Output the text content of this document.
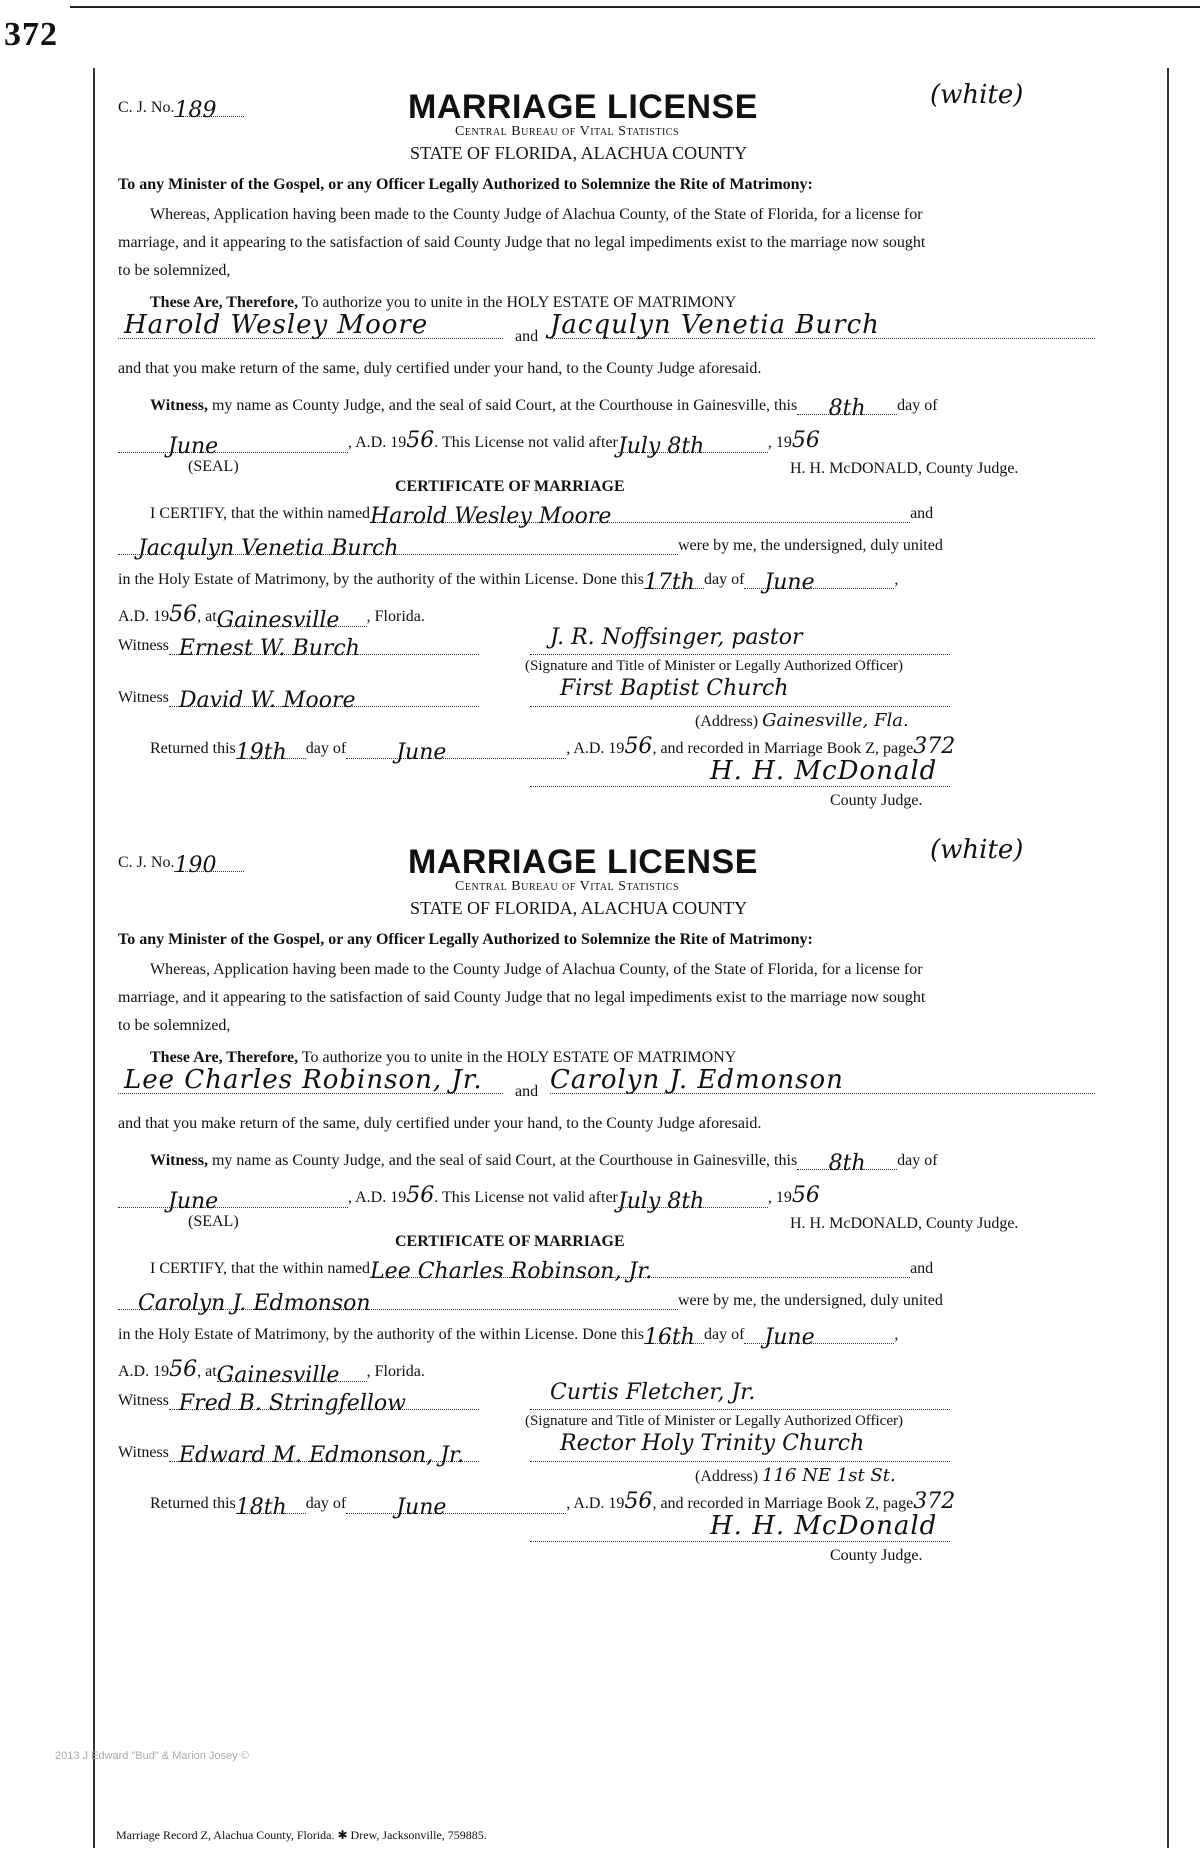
372
(white)
C. J. No.189	MARRIAGE LICENSE
Central Bureau of Vital Statistics
STATE OF FLORIDA, ALACHUA COUNTY
To any Minister of the Gospel, or any Officer Legally Authorized to Solemnize the Rite of Matrimony:
Whereas, Application having been made to the County Judge of Alachua County, of the State of Florida, for a license for
marriage, and it appearing to the satisfaction of said County Judge that no legal impediments exist to the marriage now sought
to be solemnized,
These Are, Therefore, To authorize you to unite in the HOLY ESTATE OF MATRIMONY
Harold Wesley Moore	and Jacqulyn Venetia Burch
and that you make return of the same, duly certified under your hand, to the County Judge aforesaid.
Witness, my name as County Judge, and the seal of said Court, at the Courthouse in Gainesville, this 8th day of
June	, A.D. 1956. This License not valid afterJuly 8th	, 1956
(SEAL)	H. H. McDONALD, County Judge.
CERTIFICATE OF MARRIAGE
I CERTIFY, that the within namedHarold Wesley Moore	and
Jacqulyn Venetia Burch	were by me, the undersigned, duly united
in the Holy Estate of Matrimony, by the authority of the within License. Done this17th day of June	,
A.D. 1956, atGainesville , Florida.
Witness Ernest W. Burch	J. R. Noffsinger, pastor
(Signature and Title of Minister or Legally Authorized Officer)
Witness David W. Moore	First Baptist Church
(Address) Gainesville, Fla.
Returned this19th day of June	, A.D. 1956, and recorded in Marriage Book Z, page372
H. H. McDonald
County Judge.
(white)
C. J. No.190	MARRIAGE LICENSE
Central Bureau of Vital Statistics
STATE OF FLORIDA, ALACHUA COUNTY
To any Minister of the Gospel, or any Officer Legally Authorized to Solemnize the Rite of Matrimony:
Whereas, Application having been made to the County Judge of Alachua County, of the State of Florida, for a license for
marriage, and it appearing to the satisfaction of said County Judge that no legal impediments exist to the marriage now sought
to be solemnized,
These Are, Therefore, To authorize you to unite in the HOLY ESTATE OF MATRIMONY
Lee Charles Robinson, Jr. and Carolyn J. Edmonson
and that you make return of the same, duly certified under your hand, to the County Judge aforesaid.
Witness, my name as County Judge, and the seal of said Court, at the Courthouse in Gainesville, this 8th day of
June	, A.D. 1956. This License not valid afterJuly 8th	, 1956
(SEAL)	H. H. McDONALD, County Judge.
CERTIFICATE OF MARRIAGE
I CERTIFY, that the within namedLee Charles Robinson, Jr.	and
Carolyn J. Edmonson	were by me, the undersigned, duly united
in the Holy Estate of Matrimony, by the authority of the within License. Done this16th day of June	,
A.D. 1956, atGainesville , Florida.
Witness Fred B. Stringfellow	Curtis Fletcher, Jr.
(Signature and Title of Minister or Legally Authorized Officer)
Witness Edward M. Edmonson, Jr.	Rector Holy Trinity Church
(Address) 116 NE 1st St.
Returned this18th day of June	, A.D. 1956, and recorded in Marriage Book Z, page372
H. H. McDonald
County Judge.
2013 J Edward "Bud" & Marion Josey ©
Marriage Record Z, Alachua County, Florida. ✱ Drew, Jacksonville, 759885.
